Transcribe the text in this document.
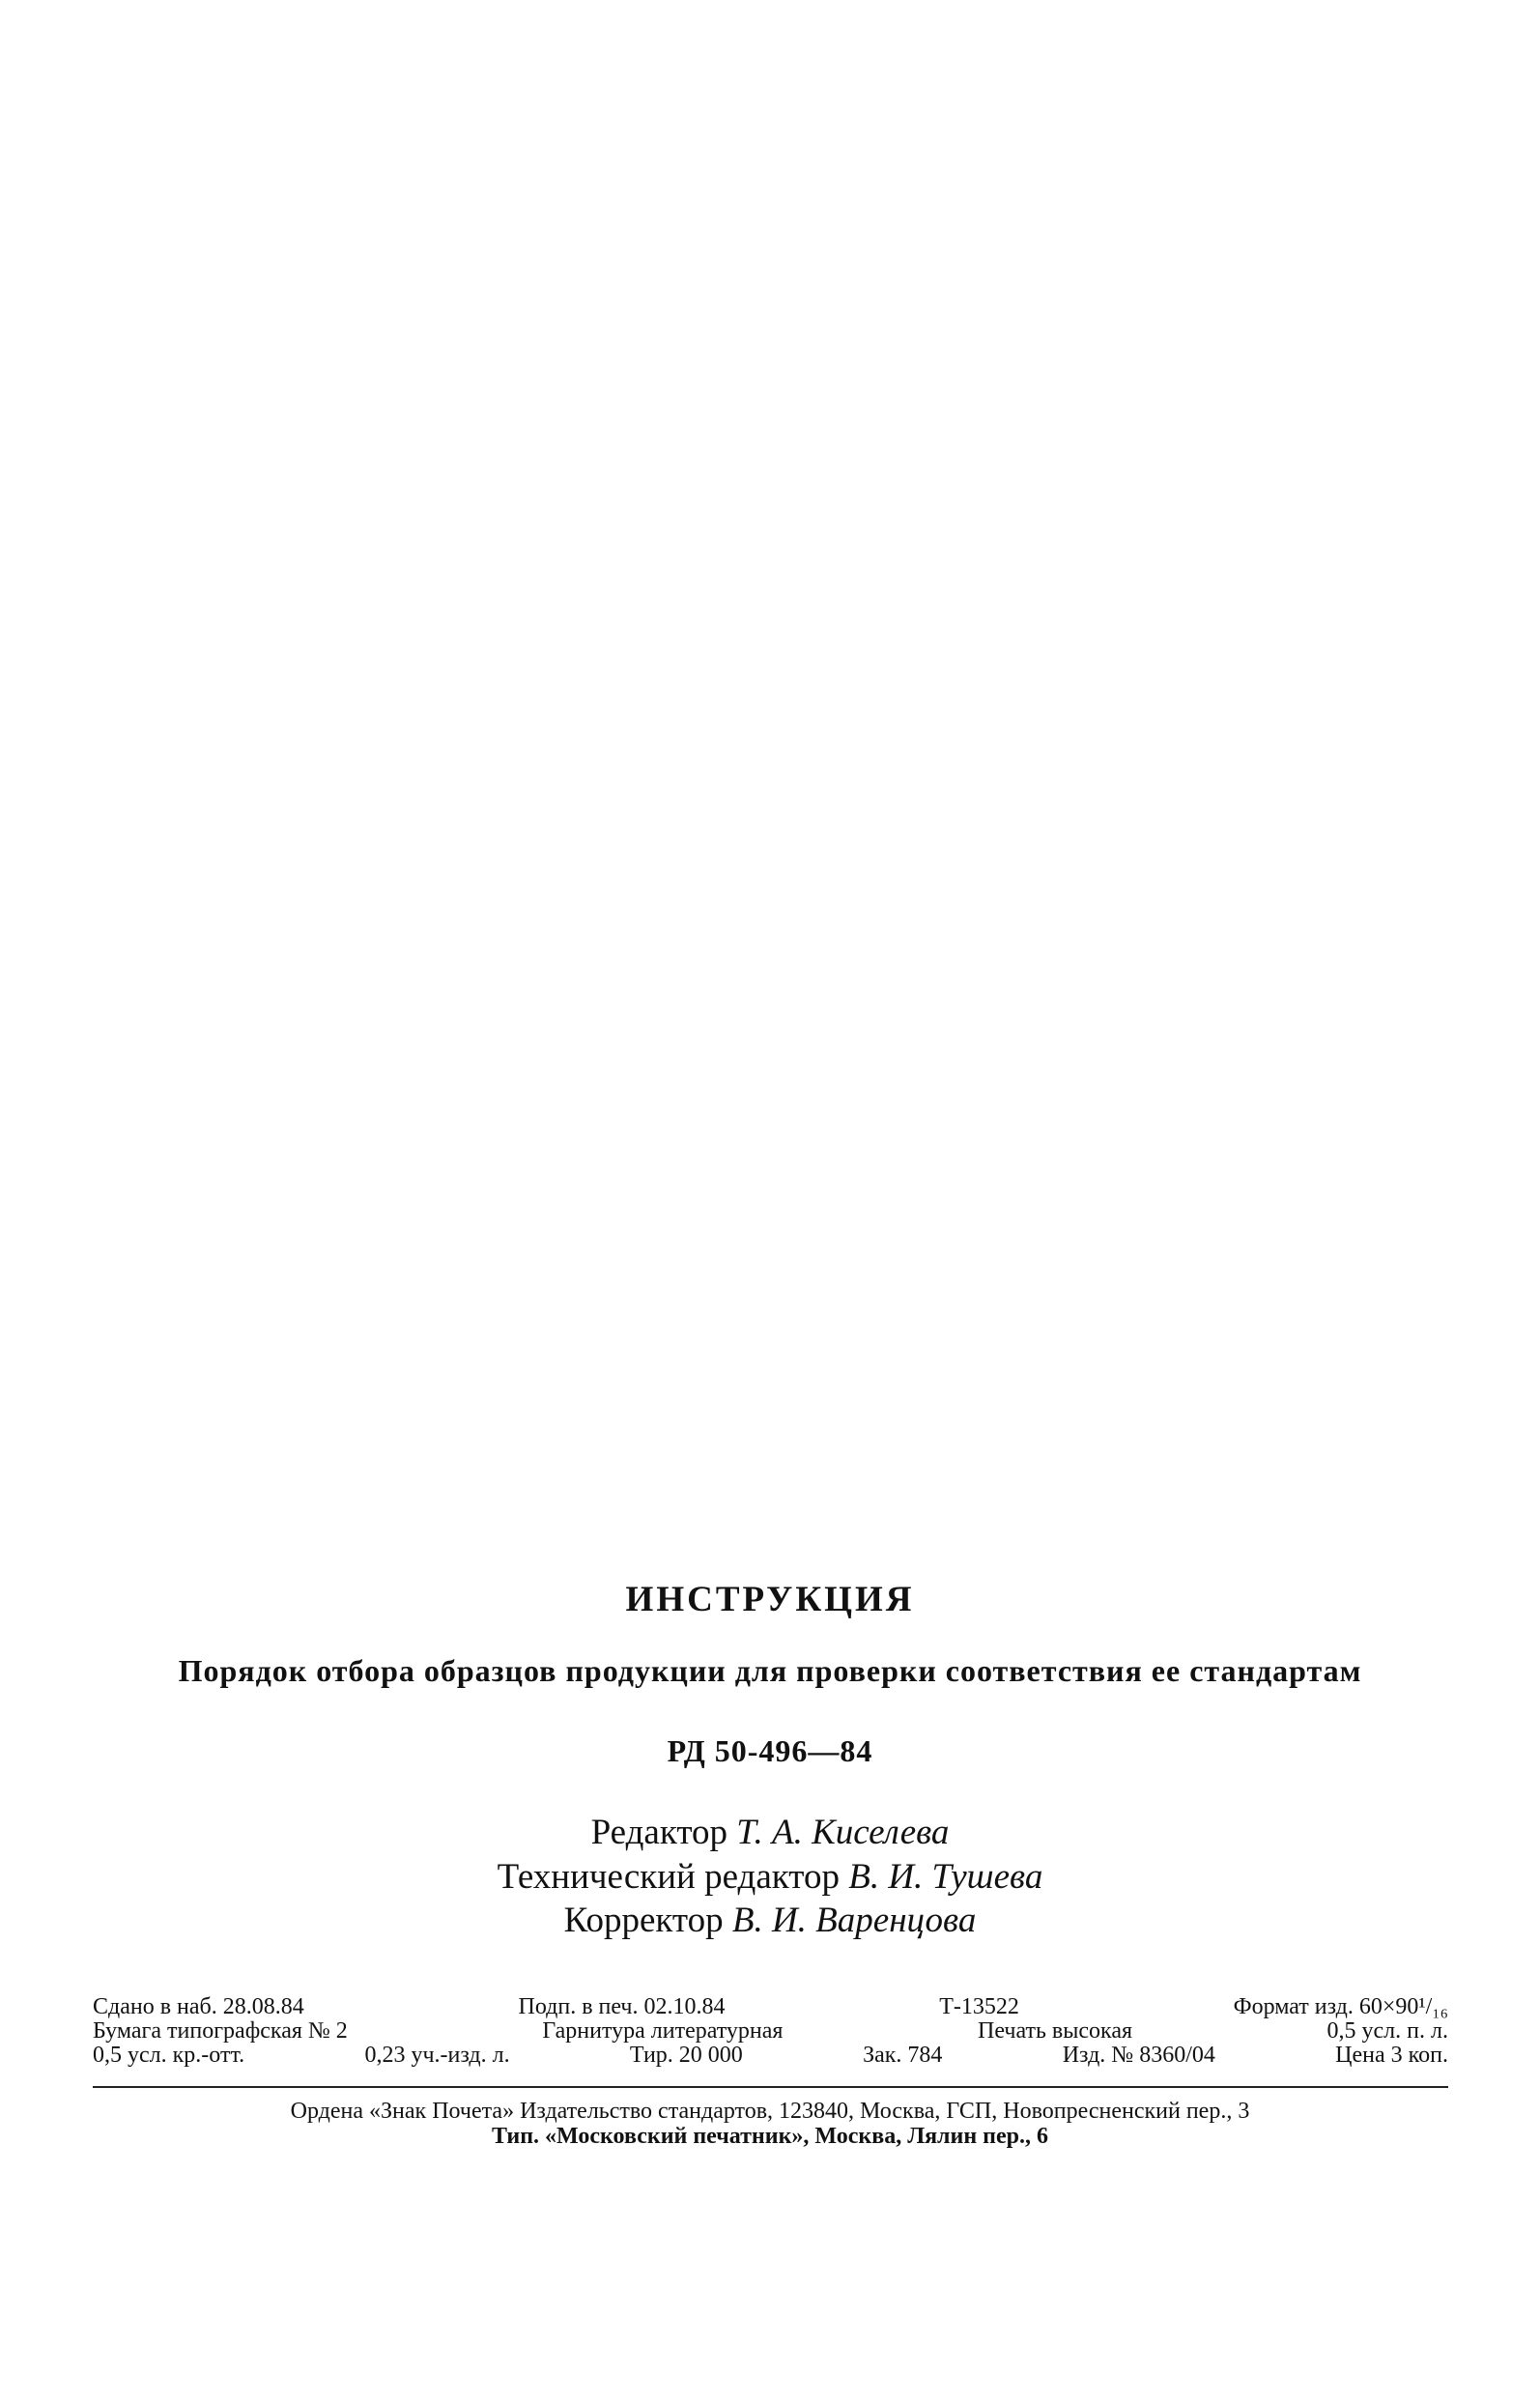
ИНСТРУКЦИЯ
Порядок отбора образцов продукции для проверки соответствия ее стандартам
РД 50-496—84
Редактор Т. А. Киселева
Технический редактор В. И. Тушева
Корректор В. И. Варенцова
Сдано в наб. 28.08.84	Подп. в печ. 02.10.84	Т-13522	Формат изд. 60×90¹/₁₆
Бумага типографская № 2	Гарнитура литературная	Печать высокая	0,5 усл. п. л.
0,5 усл. кр.-отт.	0,23 уч.-изд. л.	Тир. 20 000	Зак. 784	Изд. № 8360/04	Цена 3 коп.
Ордена «Знак Почета» Издательство стандартов, 123840, Москва, ГСП, Новопресненский пер., 3
Тип. «Московский печатник», Москва, Лялин пер., 6
